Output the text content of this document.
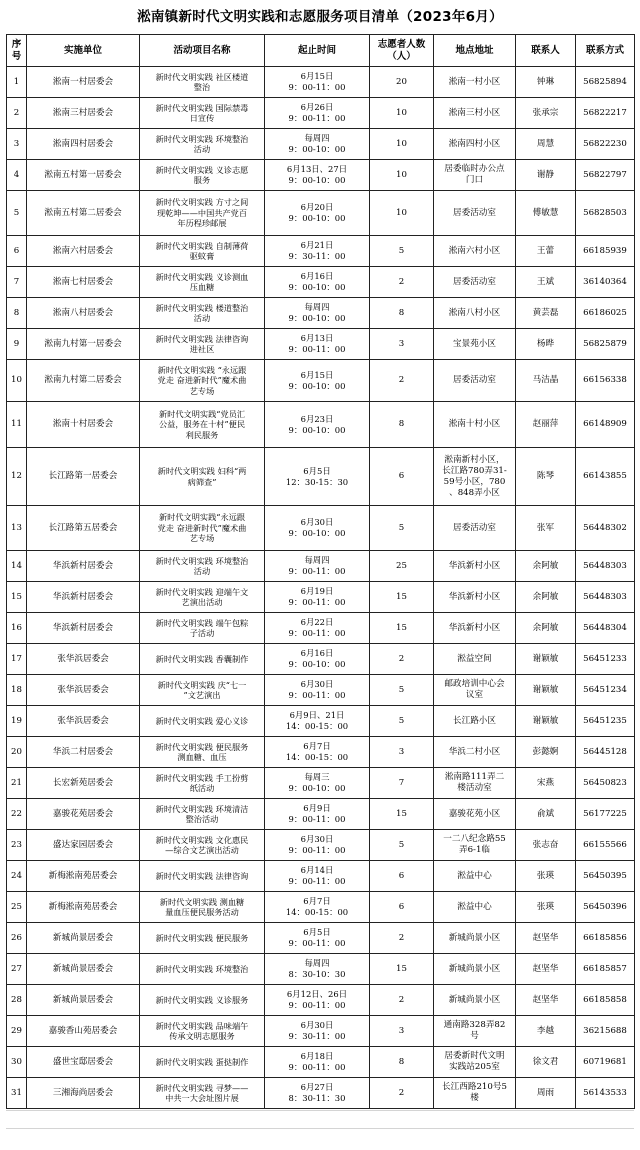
淞南镇新时代文明实践和志愿服务项目清单（2023年6月）
序
号	实施单位	活动项目名称	起止时间	志愿者人数
（人）	地点地址	联系人	联系方式
1	淞南一村居委会	新时代文明实践 社区楼道
整治	6月15日
9：00-11：00	20	淞南一村小区	钟琳	56825894
2	淞南三村居委会	新时代文明实践 国际禁毒
日宣传	6月26日
9：00-11：00	10	淞南三村小区	张承宗	56822217
3	淞南四村居委会	新时代文明实践 环境整治
活动	每周四
9：00-10：00	10	淞南四村小区	周慧	56822230
4	淞南五村第一居委会	新时代文明实践 义诊志愿
服务	6月13日、27日
9：00-10：00	10	居委临时办公点
门口	谢静	56822797
5	淞南五村第二居委会	新时代文明实践 方寸之间
现乾坤——中国共产党百
年历程珍邮展	6月20日
9：00-10：00	10	居委活动室	傅敏慧	56828503
6	淞南六村居委会	新时代文明实践 自制薄荷
驱蚊膏	6月21日
9：30-11：00	5	淞南六村小区	王蕾	66185939
7	淞南七村居委会	新时代文明实践 义诊测血
压血糖	6月16日
9：00-10：00	2	居委活动室	王斌	36140364
8	淞南八村居委会	新时代文明实践 楼道整治
活动	每周四
9：00-10：00	8	淞南八村小区	黄芸磊	66186025
9	淞南九村第一居委会	新时代文明实践 法律咨询
进社区	6月13日
9：00-11：00	3	宝景苑小区	杨晔	56825879
10	淞南九村第二居委会	新时代文明实践 “永远跟
党走 奋进新时代”魔术曲
艺专场	6月15日
9：00-10：00	2	居委活动室	马洁晶	66156338
11	淞南十村居委会	新时代文明实践“党员汇
公益，服务在十村”便民
利民服务	6月23日
9：00-10：00	8	淞南十村小区	赵丽萍	66148909
12	长江路第一居委会	新时代文明实践 妇科“两
病筛查”	6月5日
12：30-15：30	6	淞南新村小区，
长江路780弄31-
59号小区，780
、848弄小区	陈琴	66143855
13	长江路第五居委会	新时代文明实践“永远跟
党走 奋进新时代”魔术曲
艺专场	6月30日
9：00-10：00	5	居委活动室	张军	56448302
14	华浜新村居委会	新时代文明实践 环境整治
活动	每周四
9：00-11：00	25	华浜新村小区	余阿敏	56448303
15	华浜新村居委会	新时代文明实践 迎端午文
艺演出活动	6月19日
9：00-11：00	15	华浜新村小区	余阿敏	56448303
16	华浜新村居委会	新时代文明实践 端午包粽
子活动	6月22日
9：00-11：00	15	华浜新村小区	余阿敏	56448304
17	张华浜居委会	新时代文明实践 香囊制作	6月16日
9：00-10：00	2	淞益空间	谢颖敏	56451233
18	张华浜居委会	新时代文明实践 庆“七一
”文艺演出	6月30日
9：00-11：00	5	邮政培训中心会
议室	谢颖敏	56451234
19	张华浜居委会	新时代文明实践 爱心义诊	6月9日、21日
14：00-15：00	5	长江路小区	谢颖敏	56451235
20	华浜二村居委会	新时代文明实践 便民服务
测血糖、血压	6月7日
14：00-15：00	3	华浜二村小区	彭懿婀	56445128
21	长宏新苑居委会	新时代文明实践 手工扮剪
纸活动	每周三
9：00-10：00	7	淞南路111弄二
楼活动室	宋燕	56450823
22	嘉骏花苑居委会	新时代文明实践 环境清洁
整治活动	6月9日
9：00-11：00	15	嘉骏花苑小区	俞斌	56177225
23	盛达家园居委会	新时代文明实践 文化惠民
—综合文艺演出活动	6月30日
9：00-11：00	5	一二八纪念路55
弄6-1临	张志奋	66155566
24	新梅淞南苑居委会	新时代文明实践 法律咨询	6月14日
9：00-11：00	6	淞益中心	张瑛	56450395
25	新梅淞南苑居委会	新时代文明实践 测血糖
量血压便民服务活动	6月7日
14：00-15：00	6	淞益中心	张瑛	56450396
26	新城尚景居委会	新时代文明实践 便民服务	6月5日
9：00-11：00	2	新城尚景小区	赵坚华	66185856
27	新城尚景居委会	新时代文明实践 环境整治	每周四
8：30-10：30	15	新城尚景小区	赵坚华	66185857
28	新城尚景居委会	新时代文明实践 义诊服务	6月12日、26日
9：00-11：00	2	新城尚景小区	赵坚华	66185858
29	嘉骏香山苑居委会	新时代文明实践 品味端午
传承文明志愿服务	6月30日
9：30-11：00	3	通南路328弄82
号	李越	36215688
30	盛世宝邸居委会	新时代文明实践 蛋挞制作	6月18日
9：00-11：00	8	居委新时代文明
实践站205室	徐文君	60719681
31	三湘海尚居委会	新时代文明实践 寻梦——
中共一大会址图片展	6月27日
8：30-11：30	2	长江西路210号5
楼	周雨	56143533
